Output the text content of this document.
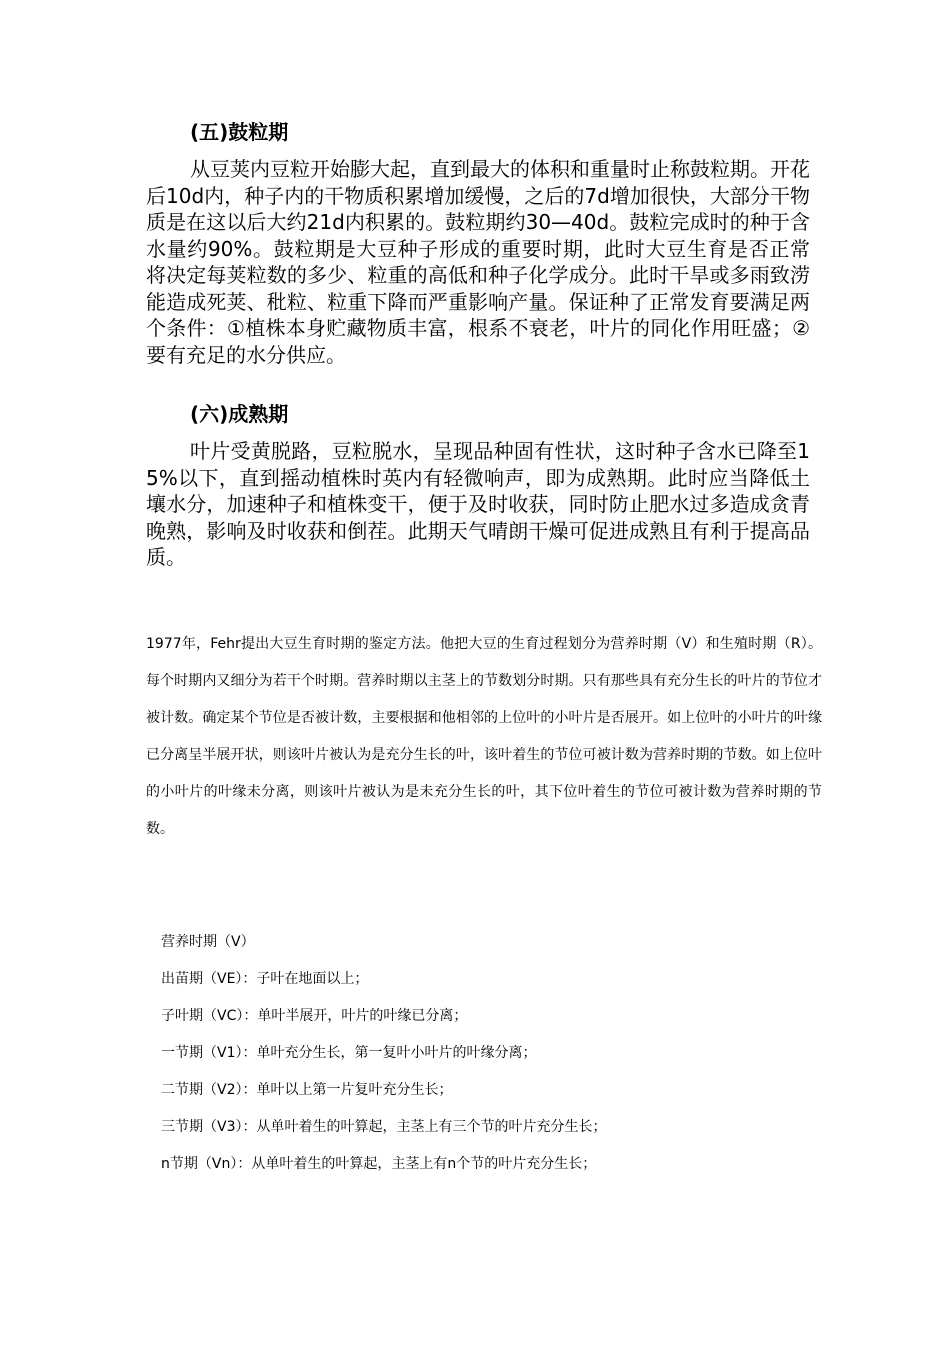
(五)鼓粒期
从豆荚内豆粒开始膨大起，直到最大的体积和重量时止称鼓粒期。开花后10d内，种子内的干物质积累增加缓慢，之后的7d增加很快，大部分干物质是在这以后大约21d内积累的。鼓粒期约30—40d。鼓粒完成时的种于含水量约90%。鼓粒期是大豆种子形成的重要时期，此时大豆生育是否正常将决定每荚粒数的多少、粒重的高低和种子化学成分。此时干旱或多雨致涝能造成死荚、秕粒、粒重下降而严重影响产量。保证种了正常发育要满足两个条件：①植株本身贮藏物质丰富，根系不衰老，叶片的同化作用旺盛；②要有充足的水分供应。
(六)成熟期
叶片受黄脱路，豆粒脱水，呈现品种固有性状，这时种子含水已降至15%以下，直到摇动植株时英内有轻微响声，即为成熟期。此时应当降低土壤水分，加速种子和植株变干，便于及时收获，同时防止肥水过多造成贪青晚熟，影响及时收获和倒茬。此期天气晴朗干燥可促进成熟且有利于提高品质。
1977年，Fehr提出大豆生育时期的鉴定方法。他把大豆的生育过程划分为营养时期（V）和生殖时期（R）。每个时期内又细分为若干个时期。营养时期以主茎上的节数划分时期。只有那些具有充分生长的叶片的节位才被计数。确定某个节位是否被计数，主要根据和他相邻的上位叶的小叶片是否展开。如上位叶的小叶片的叶缘已分离呈半展开状，则该叶片被认为是充分生长的叶，该叶着生的节位可被计数为营养时期的节数。如上位叶的小叶片的叶缘未分离，则该叶片被认为是未充分生长的叶，其下位叶着生的节位可被计数为营养时期的节数。
营养时期（V）
出苗期（VE）：子叶在地面以上；
子叶期（VC）：单叶半展开，叶片的叶缘已分离；
一节期（V1）：单叶充分生长，第一复叶小叶片的叶缘分离；
二节期（V2）：单叶以上第一片复叶充分生长；
三节期（V3）：从单叶着生的叶算起，主茎上有三个节的叶片充分生长；
n节期（Vn）：从单叶着生的叶算起，主茎上有n个节的叶片充分生长；
